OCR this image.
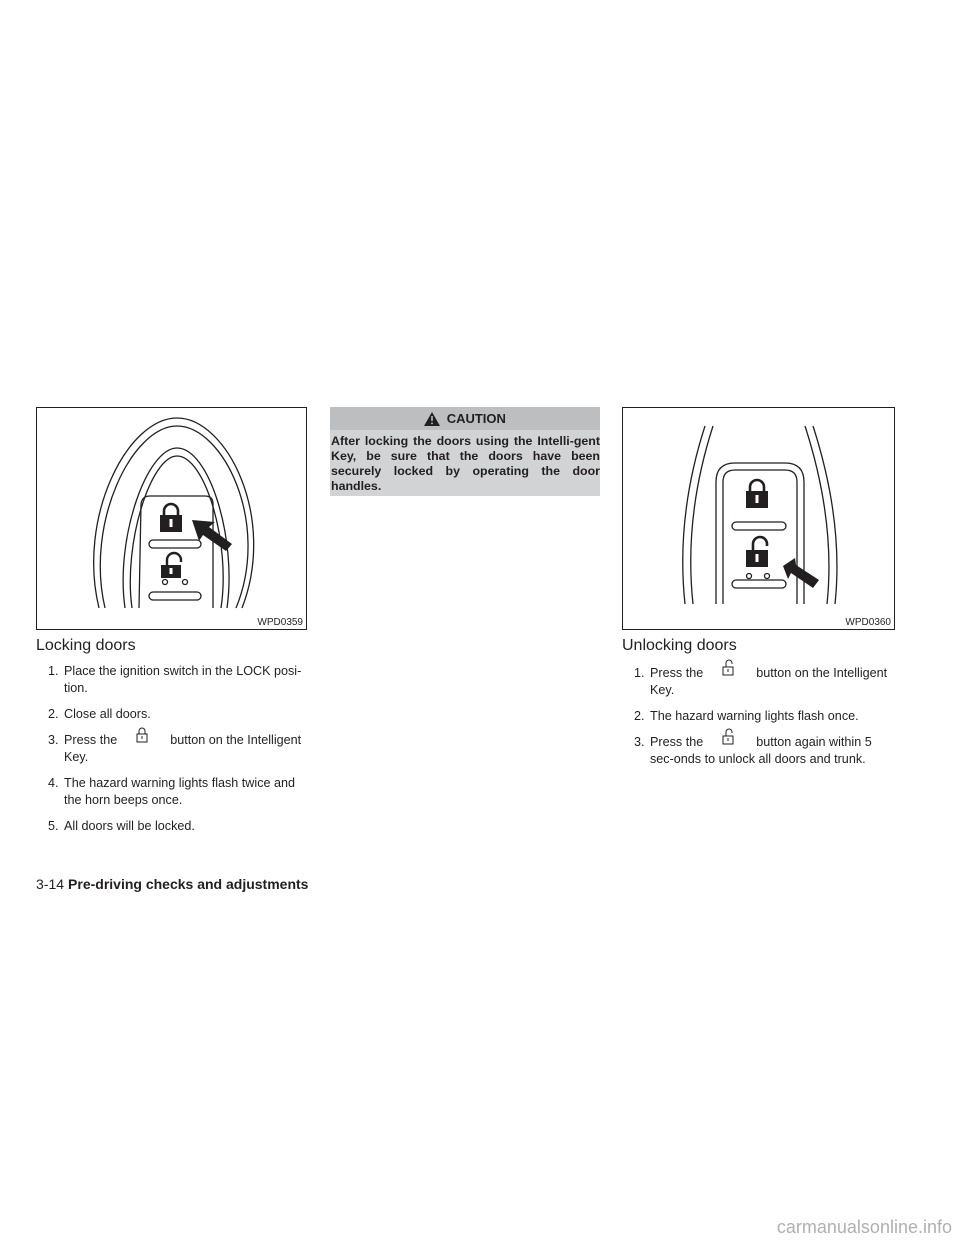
WPD0359
Locking doors
1. Place the ignition switch in the LOCK posi-tion.
2. Close all doors.
3. Press the	button on the Intelligent Key.
4. The hazard warning lights flash twice and the horn beeps once.
5. All doors will be locked.
CAUTION
After locking the doors using the Intelli-gent Key, be sure that the doors have been securely locked by operating the door handles.
WPD0360
Unlocking doors
1. Press the	button on the Intelligent Key.
2. The hazard warning lights flash once.
3. Press the	button again within 5 sec-onds to unlock all doors and trunk.
3-14 Pre-driving checks and adjustments
carmanualsonline.info
